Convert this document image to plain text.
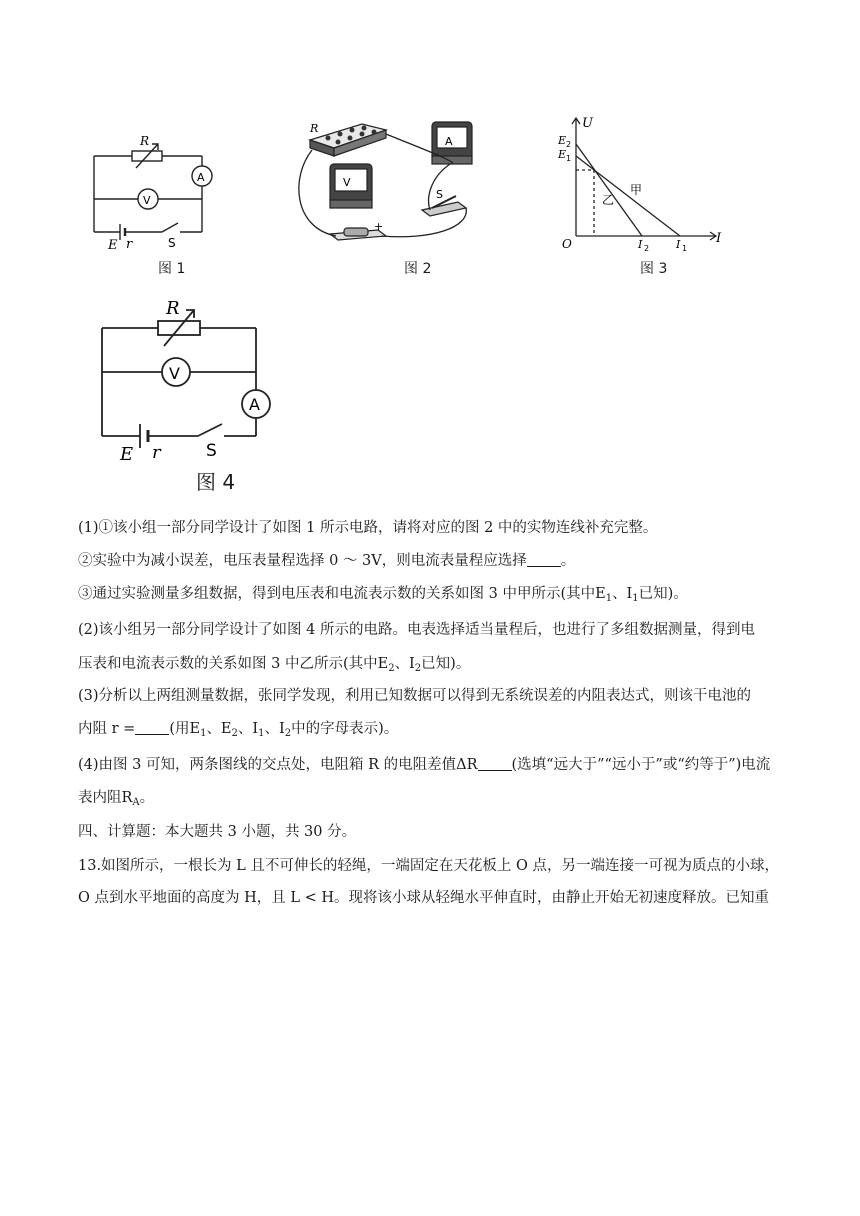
R
A
V
E r	S
图 1
R
V
A
S
+
图 2
U
I
O
E 2
E 1
I 2 I 1
甲
乙
图 3
R
V
A
E r	S
图 4
(1)①该小组一部分同学设计了如图 1 所示电路，请将对应的图 2 中的实物连线补充完整。
②实验中为减小误差，电压表量程选择 0 ～ 3V，则电流表量程应选择 。
③通过实验测量多组数据，得到电压表和电流表示数的关系如图 3 中甲所示(其中$E_1$、$I_1$已知)。
(2)该小组另一部分同学设计了如图 4 所示的电路。电表选择适当量程后，也进行了多组数据测量，得到电
压表和电流表示数的关系如图 3 中乙所示(其中$E_2$、$I_2$已知)。
(3)分析以上两组测量数据，张同学发现，利用已知数据可以得到无系统误差的内阻表达式，则该干电池的
内阻 r = (用$E_1$、$E_2$、$I_1$、$I_2$中的字母表示)。
(4)由图 3 可知，两条图线的交点处，电阻箱 R 的电阻差值ΔR (选填“远大于”“远小于”或“约等于”)电流
表内阻$R_A$。
四、计算题：本大题共 3 小题，共 30 分。
13.如图所示，一根长为 L 且不可伸长的轻绳，一端固定在天花板上 O 点，另一端连接一可视为质点的小球，
O 点到水平地面的高度为 H，且 L < H。现将该小球从轻绳水平伸直时，由静止开始无初速度释放。已知重
